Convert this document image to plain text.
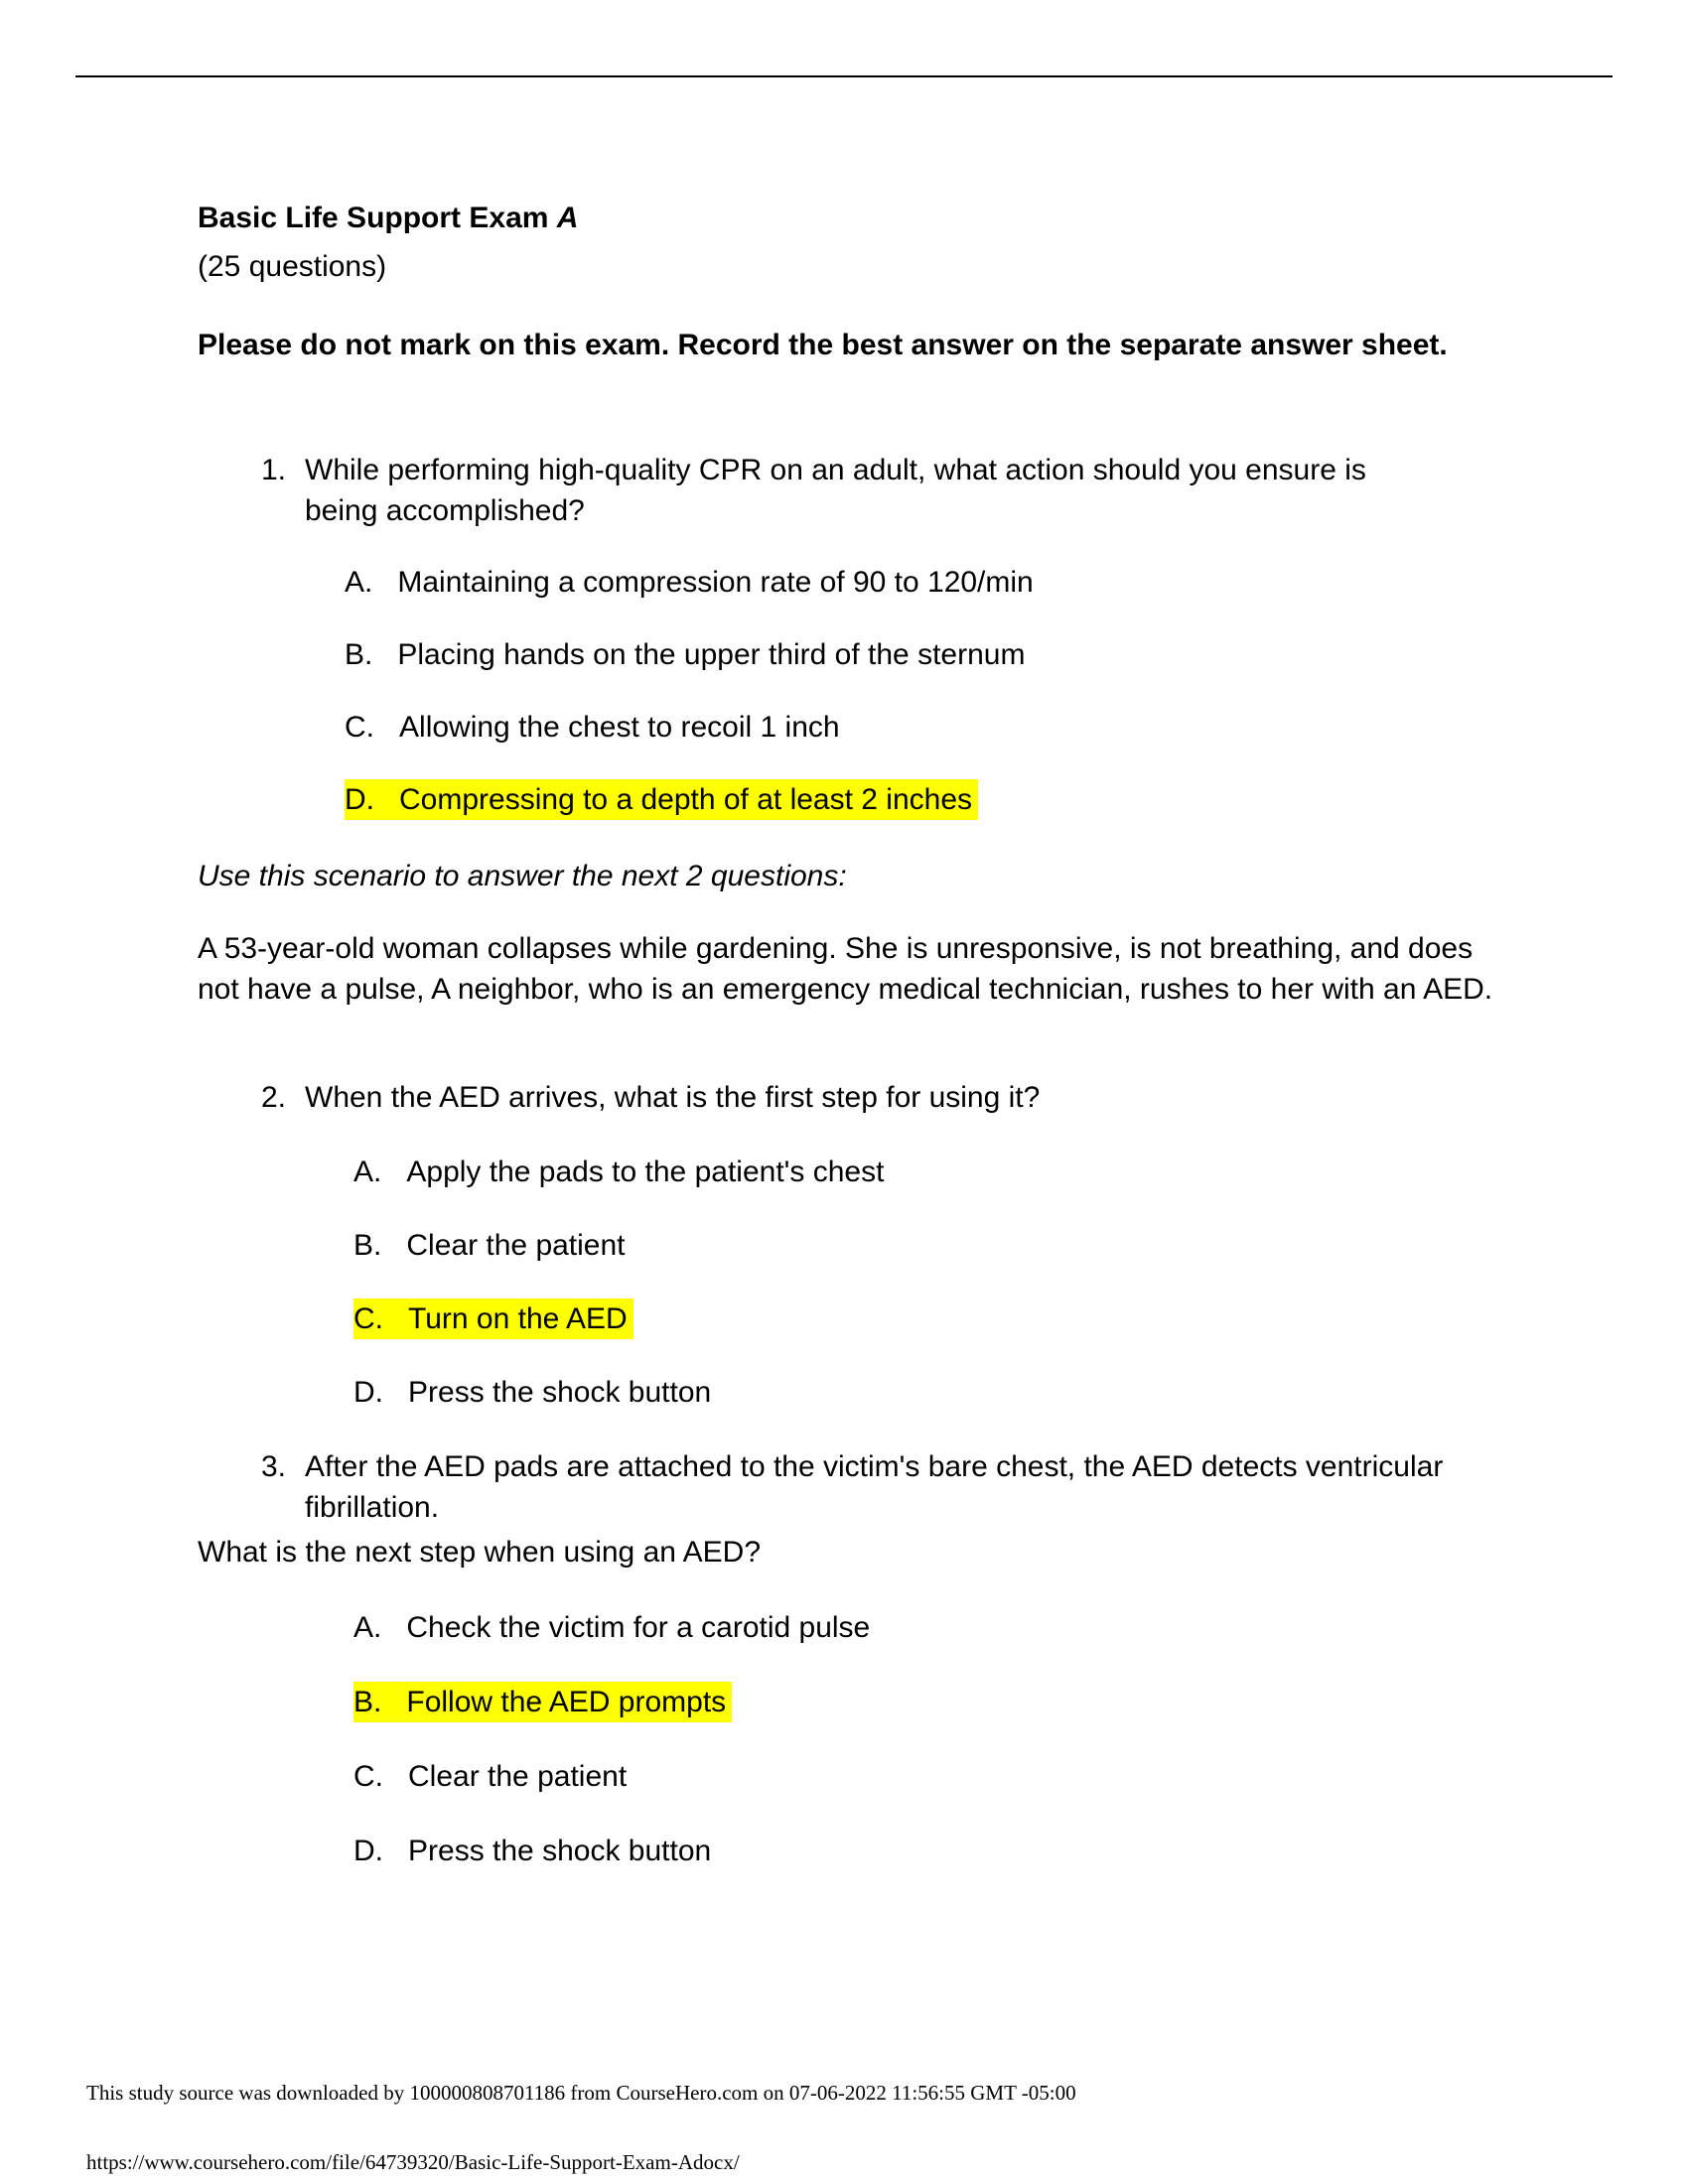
Basic Life Support Exam A
(25 questions)
Please do not mark on this exam. Record the best answer on the separate answer sheet.
1. While performing high-quality CPR on an adult, what action should you ensure is being accomplished?
A. Maintaining a compression rate of 90 to 120/min
B. Placing hands on the upper third of the sternum
C. Allowing the chest to recoil 1 inch
D. Compressing to a depth of at least 2 inches
Use this scenario to answer the next 2 questions:
A 53-year-old woman collapses while gardening. She is unresponsive, is not breathing, and does not have a pulse, A neighbor, who is an emergency medical technician, rushes to her with an AED.
2. When the AED arrives, what is the first step for using it?
A. Apply the pads to the patient's chest
B. Clear the patient
C. Turn on the AED
D. Press the shock button
3. After the AED pads are attached to the victim's bare chest, the AED detects ventricular fibrillation.
What is the next step when using an AED?
A. Check the victim for a carotid pulse
B. Follow the AED prompts
C. Clear the patient
D. Press the shock button
This study source was downloaded by 100000808701186 from CourseHero.com on 07-06-2022 11:56:55 GMT -05:00
https://www.coursehero.com/file/64739320/Basic-Life-Support-Exam-Adocx/
